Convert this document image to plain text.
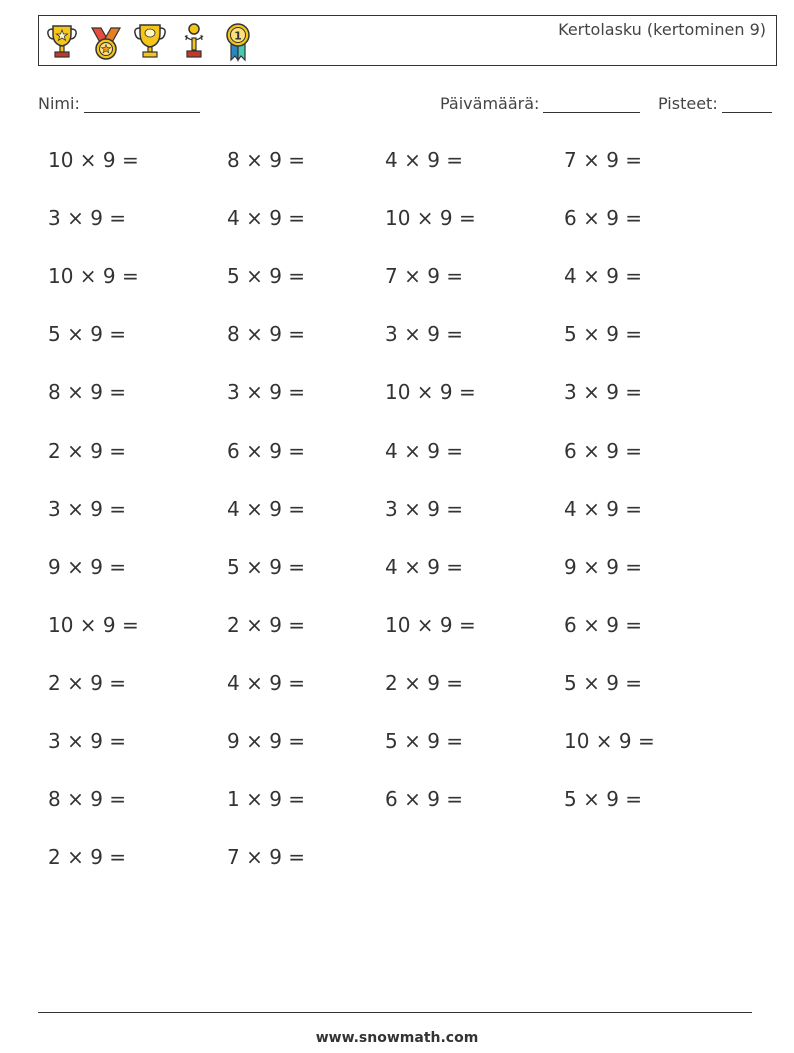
1	Kertolasku (kertominen 9)
Nimi:	Päivämäärä:	Pisteet:
10 × 9 =	8 × 9 =	4 × 9 =	7 × 9 =
3 × 9 =	4 × 9 =	10 × 9 =	6 × 9 =
10 × 9 =	5 × 9 =	7 × 9 =	4 × 9 =
5 × 9 =	8 × 9 =	3 × 9 =	5 × 9 =
8 × 9 =	3 × 9 =	10 × 9 =	3 × 9 =
2 × 9 =	6 × 9 =	4 × 9 =	6 × 9 =
3 × 9 =	4 × 9 =	3 × 9 =	4 × 9 =
9 × 9 =	5 × 9 =	4 × 9 =	9 × 9 =
10 × 9 =	2 × 9 =	10 × 9 =	6 × 9 =
2 × 9 =	4 × 9 =	2 × 9 =	5 × 9 =
3 × 9 =	9 × 9 =	5 × 9 =	10 × 9 =
8 × 9 =	1 × 9 =	6 × 9 =	5 × 9 =
2 × 9 =	7 × 9 =
www.snowmath.com
